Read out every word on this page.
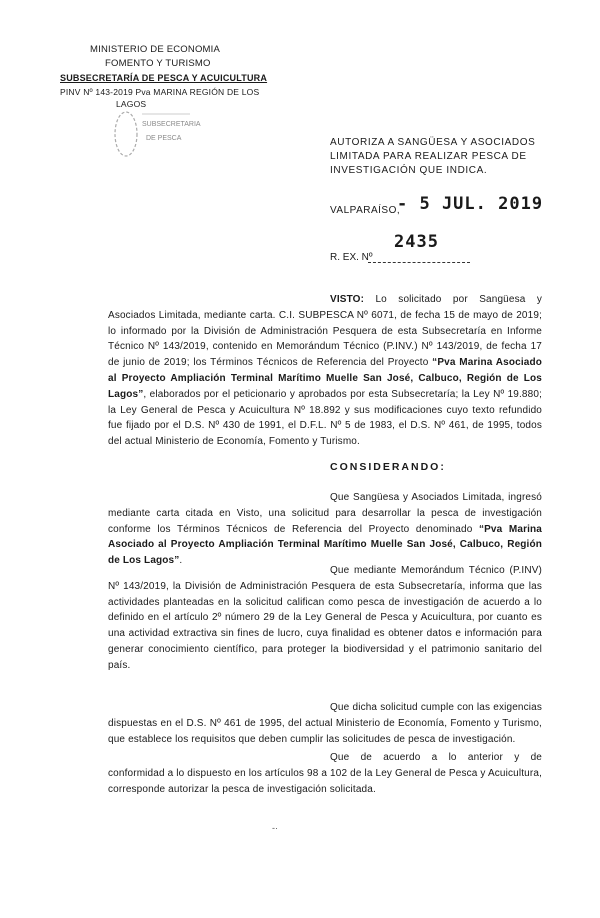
MINISTERIO DE ECONOMIA
FOMENTO Y TURISMO
SUBSECRETARÍA DE PESCA Y ACUICULTURA
PINV Nº 143-2019 Pva MARINA REGIÓN DE LOS
LAGOS
SUBSECRETARIA
DE PESCA	AUTORIZA A SANGÜESA Y ASOCIADOS LIMITADA PARA REALIZAR PESCA DE INVESTIGACIÓN QUE INDICA.
VALPARAÍSO,
- 5 JUL. 2019
2435
R. EX. Nº
VISTO: Lo solicitado por Sangüesa y Asociados Limitada, mediante carta. C.I. SUBPESCA Nº 6071, de fecha 15 de mayo de 2019; lo informado por la División de Administración Pesquera de esta Subsecretaría en Informe Técnico Nº 143/2019, contenido en Memorándum Técnico (P.INV.) Nº 143/2019, de fecha 17 de junio de 2019; los Términos Técnicos de Referencia del Proyecto “Pva Marina Asociado al Proyecto Ampliación Terminal Marítimo Muelle San José, Calbuco, Región de Los Lagos”, elaborados por el peticionario y aprobados por esta Subsecretaría; la Ley Nº 19.880; la Ley General de Pesca y Acuicultura Nº 18.892 y sus modificaciones cuyo texto refundido fue fijado por el D.S. Nº 430 de 1991, el D.F.L. Nº 5 de 1983, el D.S. Nº 461, de 1995, todos del actual Ministerio de Economía, Fomento y Turismo.
CONSIDERANDO:
Que Sangüesa y Asociados Limitada, ingresó mediante carta citada en Visto, una solicitud para desarrollar la pesca de investigación conforme los Términos Técnicos de Referencia del Proyecto denominado “Pva Marina Asociado al Proyecto Ampliación Terminal Marítimo Muelle San José, Calbuco, Región de Los Lagos”.
Que mediante Memorándum Técnico (P.INV) Nº 143/2019, la División de Administración Pesquera de esta Subsecretaría, informa que las actividades planteadas en la solicitud califican como pesca de investigación de acuerdo a lo definido en el artículo 2º número 29 de la Ley General de Pesca y Acuicultura, por cuanto es una actividad extractiva sin fines de lucro, cuya finalidad es obtener datos e información para generar conocimiento científico, para proteger la biodiversidad y el patrimonio sanitario del país.
Que dicha solicitud cumple con las exigencias dispuestas en el D.S. Nº 461 de 1995, del actual Ministerio de Economía, Fomento y Turismo, que establece los requisitos que deben cumplir las solicitudes de pesca de investigación.
Que de acuerdo a lo anterior y de conformidad a lo dispuesto en los artículos 98 a 102 de la Ley General de Pesca y Acuicultura, corresponde autorizar la pesca de investigación solicitada.
-·
